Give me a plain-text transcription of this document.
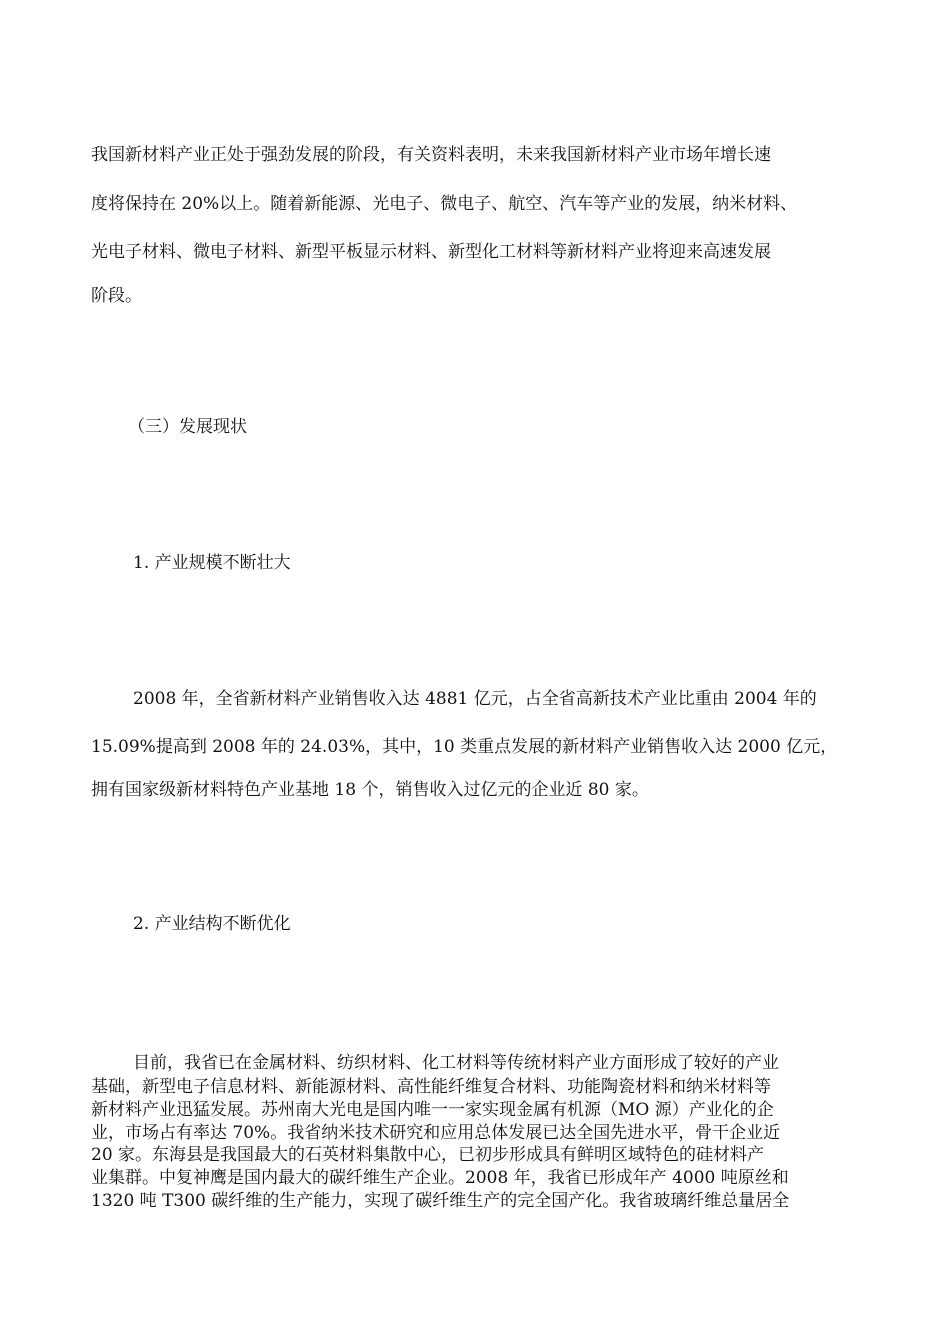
我国新材料产业正处于强劲发展的阶段，有关资料表明，未来我国新材料产业市场年增长速
度将保持在 20%以上。随着新能源、光电子、微电子、航空、汽车等产业的发展，纳米材料、
光电子材料、微电子材料、新型平板显示材料、新型化工材料等新材料产业将迎来高速发展
阶段。
（三）发展现状
1. 产业规模不断壮大
2008 年，全省新材料产业销售收入达 4881 亿元，占全省高新技术产业比重由 2004 年的
15.09%提高到 2008 年的 24.03%，其中，10 类重点发展的新材料产业销售收入达 2000 亿元，
拥有国家级新材料特色产业基地 18 个，销售收入过亿元的企业近 80 家。
2. 产业结构不断优化
目前，我省已在金属材料、纺织材料、化工材料等传统材料产业方面形成了较好的产业
基础，新型电子信息材料、新能源材料、高性能纤维复合材料、功能陶瓷材料和纳米材料等
新材料产业迅猛发展。苏州南大光电是国内唯一一家实现金属有机源（MO 源）产业化的企
业，市场占有率达 70%。我省纳米技术研究和应用总体发展已达全国先进水平，骨干企业近
20 家。东海县是我国最大的石英材料集散中心，已初步形成具有鲜明区域特色的硅材料产
业集群。中复神鹰是国内最大的碳纤维生产企业。2008 年，我省已形成年产 4000 吨原丝和
1320 吨 T300 碳纤维的生产能力，实现了碳纤维生产的完全国产化。我省玻璃纤维总量居全
